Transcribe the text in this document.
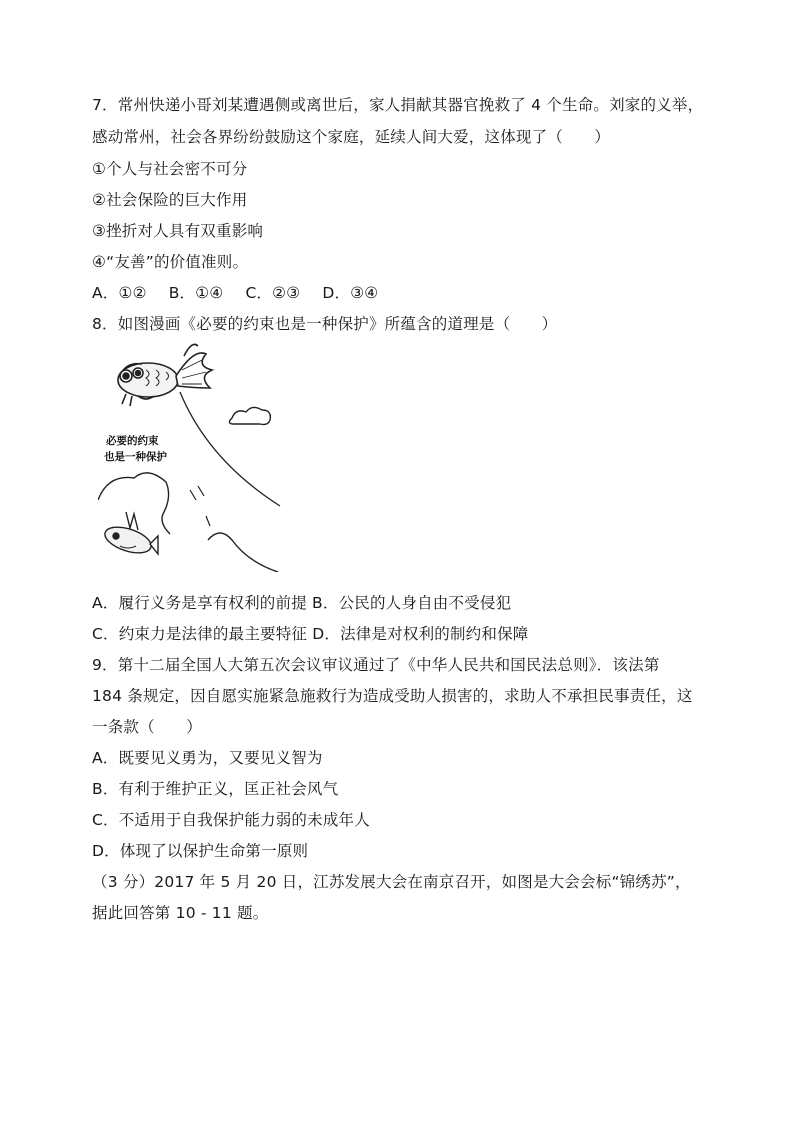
7．常州快递小哥刘某遭遇侧或离世后，家人捐献其器官挽救了 4 个生命。刘家的义举，
感动常州，社会各界纷纷鼓励这个家庭，延续人间大爱，这体现了（　　）
①个人与社会密不可分
②社会保险的巨大作用
③挫折对人具有双重影响
④“友善”的价值准则。
A．①② B．①④ C．②③ D．③④
8．如图漫画《必要的约束也是一种保护》所蕴含的道理是（　　）
必要的约束
也是一种保护
A．履行义务是享有权利的前提 B．公民的人身自由不受侵犯
C．约束力是法律的最主要特征 D．法律是对权利的制约和保障
9．第十二届全国人大第五次会议审议通过了《中华人民共和国民法总则》．该法第
184 条规定，因自愿实施紧急施救行为造成受助人损害的，求助人不承担民事责任，这
一条款（　　）
A．既要见义勇为，又要见义智为
B．有利于维护正义，匡正社会风气
C．不适用于自我保护能力弱的未成年人
D．体现了以保护生命第一原则
（3 分）2017 年 5 月 20 日，江苏发展大会在南京召开，如图是大会会标“锦绣苏”，
据此回答第 10 - 11 题。
